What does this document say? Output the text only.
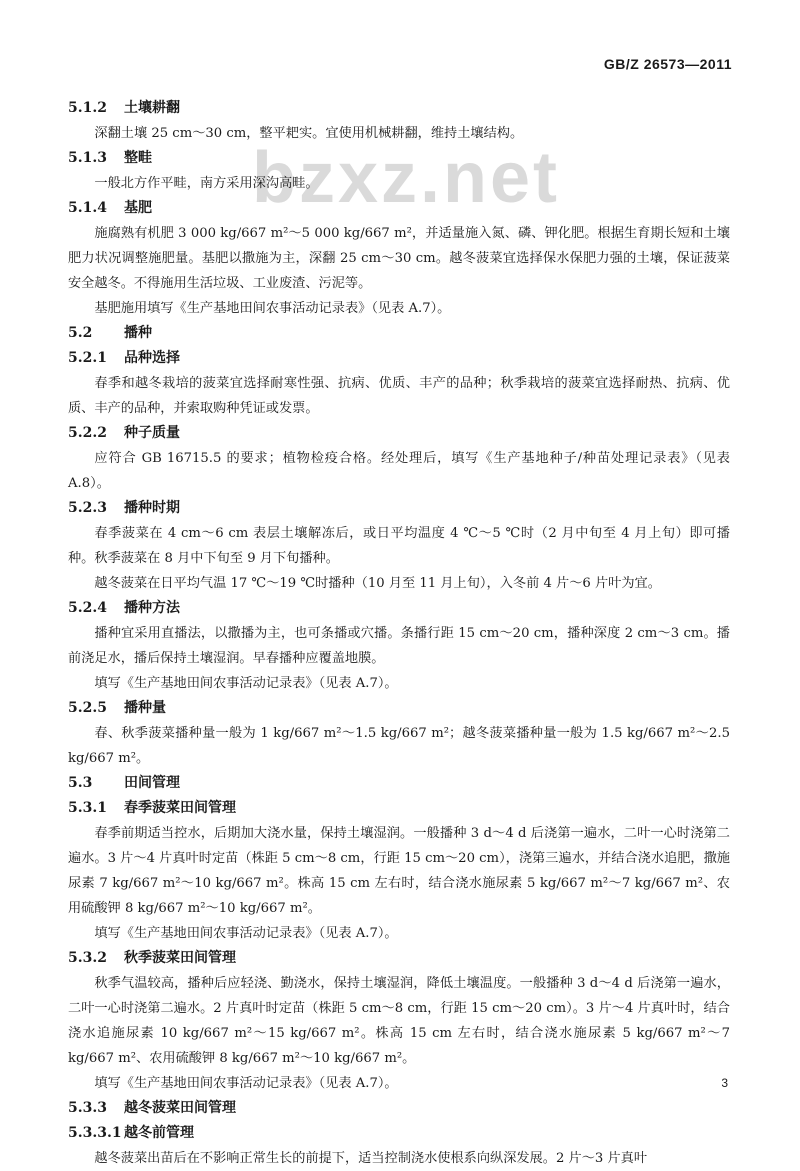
GB/Z 26573—2011
bzxz.net
5.1.2 土壤耕翻

深翻土壤 25 cm～30 cm，整平耙实。宜使用机械耕翻，维持土壤结构。

5.1.3 整畦

一般北方作平畦，南方采用深沟高畦。

5.1.4 基肥

施腐熟有机肥 3 000 kg/667 m²～5 000 kg/667 m²，并适量施入氮、磷、钾化肥。根据生育期长短和土壤肥力状况调整施肥量。基肥以撒施为主，深翻 25 cm～30 cm。越冬菠菜宜选择保水保肥力强的土壤，保证菠菜安全越冬。不得施用生活垃圾、工业废渣、污泥等。

基肥施用填写《生产基地田间农事活动记录表》（见表 A.7）。

5.2 播种
5.2.1 品种选择

春季和越冬栽培的菠菜宜选择耐寒性强、抗病、优质、丰产的品种；秋季栽培的菠菜宜选择耐热、抗病、优质、丰产的品种，并索取购种凭证或发票。

5.2.2 种子质量

应符合 GB 16715.5 的要求；植物检疫合格。经处理后，填写《生产基地种子/种苗处理记录表》（见表 A.8）。

5.2.3 播种时期

春季菠菜在 4 cm～6 cm 表层土壤解冻后，或日平均温度 4 ℃～5 ℃时（2 月中旬至 4 月上旬）即可播种。秋季菠菜在 8 月中下旬至 9 月下旬播种。

越冬菠菜在日平均气温 17 ℃～19 ℃时播种（10 月至 11 月上旬），入冬前 4 片～6 片叶为宜。

5.2.4 播种方法

播种宜采用直播法，以撒播为主，也可条播或穴播。条播行距 15 cm～20 cm，播种深度 2 cm～3 cm。播前浇足水，播后保持土壤湿润。早春播种应覆盖地膜。

填写《生产基地田间农事活动记录表》（见表 A.7）。

5.2.5 播种量

春、秋季菠菜播种量一般为 1 kg/667 m²～1.5 kg/667 m²；越冬菠菜播种量一般为 1.5 kg/667 m²～2.5 kg/667 m²。

5.3 田间管理
5.3.1 春季菠菜田间管理

春季前期适当控水，后期加大浇水量，保持土壤湿润。一般播种 3 d～4 d 后浇第一遍水，二叶一心时浇第二遍水。3 片～4 片真叶时定苗（株距 5 cm～8 cm，行距 15 cm～20 cm），浇第三遍水，并结合浇水追肥，撒施尿素 7 kg/667 m²～10 kg/667 m²。株高 15 cm 左右时，结合浇水施尿素 5 kg/667 m²～7 kg/667 m²、农用硫酸钾 8 kg/667 m²～10 kg/667 m²。

填写《生产基地田间农事活动记录表》（见表 A.7）。

5.3.2 秋季菠菜田间管理

秋季气温较高，播种后应轻浇、勤浇水，保持土壤湿润，降低土壤温度。一般播种 3 d～4 d 后浇第一遍水，二叶一心时浇第二遍水。2 片真叶时定苗（株距 5 cm～8 cm，行距 15 cm～20 cm）。3 片～4 片真叶时，结合浇水追施尿素 10 kg/667 m²～15 kg/667 m²。株高 15 cm 左右时，结合浇水施尿素 5 kg/667 m²～7 kg/667 m²、农用硫酸钾 8 kg/667 m²～10 kg/667 m²。

填写《生产基地田间农事活动记录表》（见表 A.7）。

5.3.3 越冬菠菜田间管理
5.3.3.1 越冬前管理

越冬菠菜出苗后在不影响正常生长的前提下，适当控制浇水使根系向纵深发展。2 片～3 片真叶

3
